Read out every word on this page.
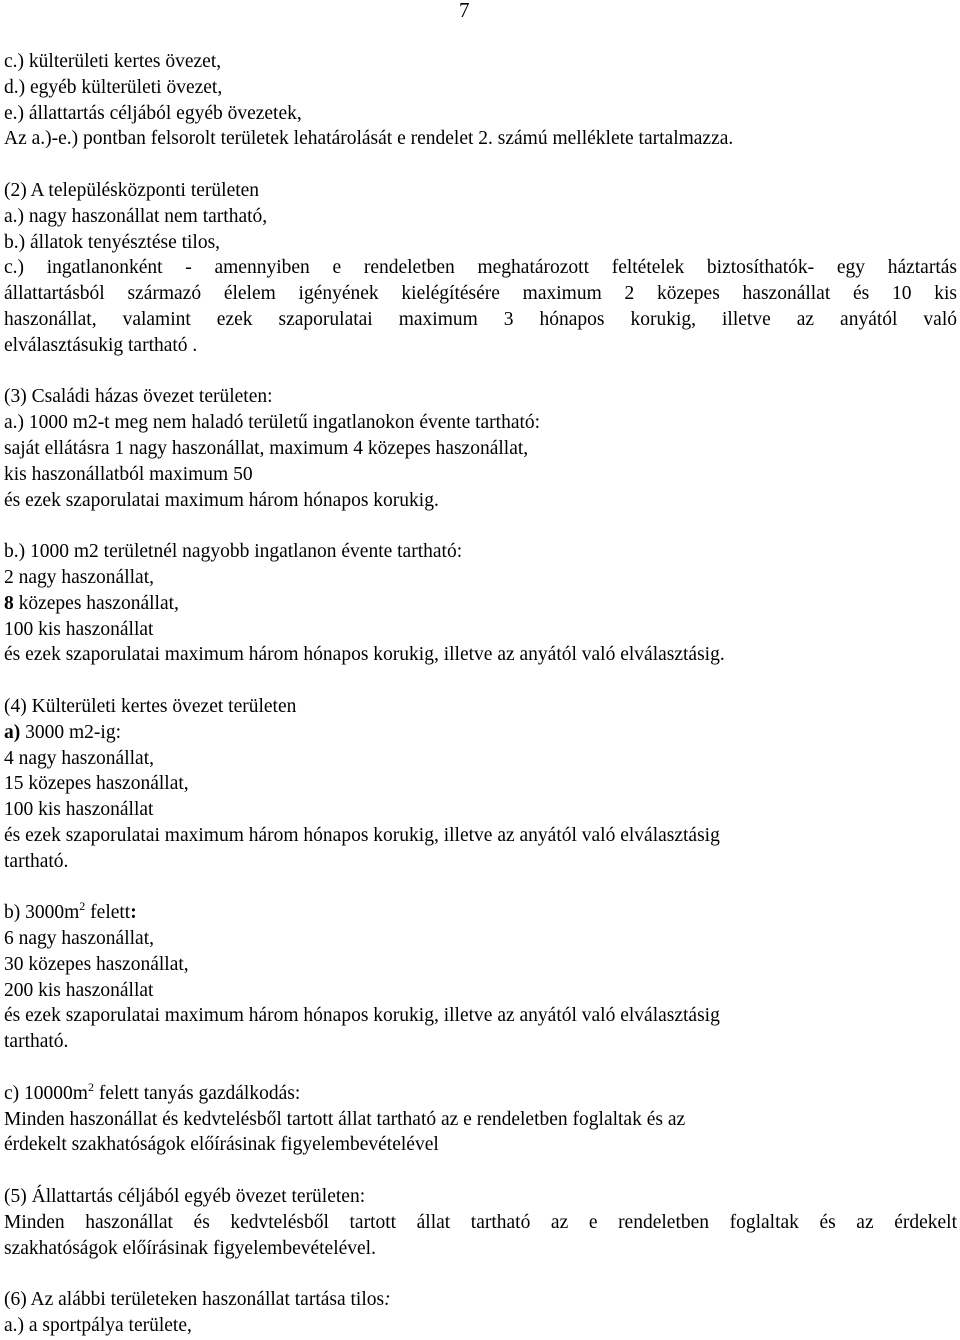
7
c.) külterületi kertes övezet,
d.) egyéb külterületi övezet,
e.) állattartás céljából egyéb övezetek,
Az a.)-e.) pontban felsorolt területek lehatárolását e rendelet 2. számú melléklete tartalmazza.
(2) A településközponti területen
a.) nagy haszonállat nem tartható,
b.) állatok tenyésztése tilos,
c.) ingatlanonként - amennyiben e rendeletben meghatározott feltételek biztosíthatók- egy háztartás
állattartásból származó élelem igényének kielégítésére maximum 2 közepes haszonállat és 10 kis
haszonállat, valamint ezek szaporulatai maximum 3 hónapos korukig, illetve az anyától való
elválasztásukig tartható .
(3) Családi házas övezet területen:
a.) 1000 m2-t meg nem haladó területű ingatlanokon évente tartható:
saját ellátásra 1 nagy haszonállat, maximum 4 közepes haszonállat,
kis haszonállatból maximum 50
és ezek szaporulatai maximum három hónapos korukig.
b.) 1000 m2 területnél nagyobb ingatlanon évente tartható:
2 nagy haszonállat,
8 közepes haszonállat,
100 kis haszonállat
és ezek szaporulatai maximum három hónapos korukig, illetve az anyától való elválasztásig.
(4) Külterületi kertes övezet területen
a) 3000 m2-ig:
4 nagy haszonállat,
15 közepes haszonállat,
100 kis haszonállat
és ezek szaporulatai maximum három hónapos korukig, illetve az anyától való elválasztásig
tartható.
b) $3000m^2$ felett:
6 nagy haszonállat,
30 közepes haszonállat,
200 kis haszonállat
és ezek szaporulatai maximum három hónapos korukig, illetve az anyától való elválasztásig
tartható.
c) $10000m^2$ felett tanyás gazdálkodás:
Minden haszonállat és kedvtelésből tartott állat tartható az e rendeletben foglaltak és az
érdekelt szakhatóságok előírásinak figyelembevételével
(5) Állattartás céljából egyéb övezet területen:
Minden haszonállat és kedvtelésből tartott állat tartható az e rendeletben foglaltak és az érdekelt
szakhatóságok előírásinak figyelembevételével.
(6) Az alábbi területeken haszonállat tartása tilos:
a.) a sportpálya területe,
